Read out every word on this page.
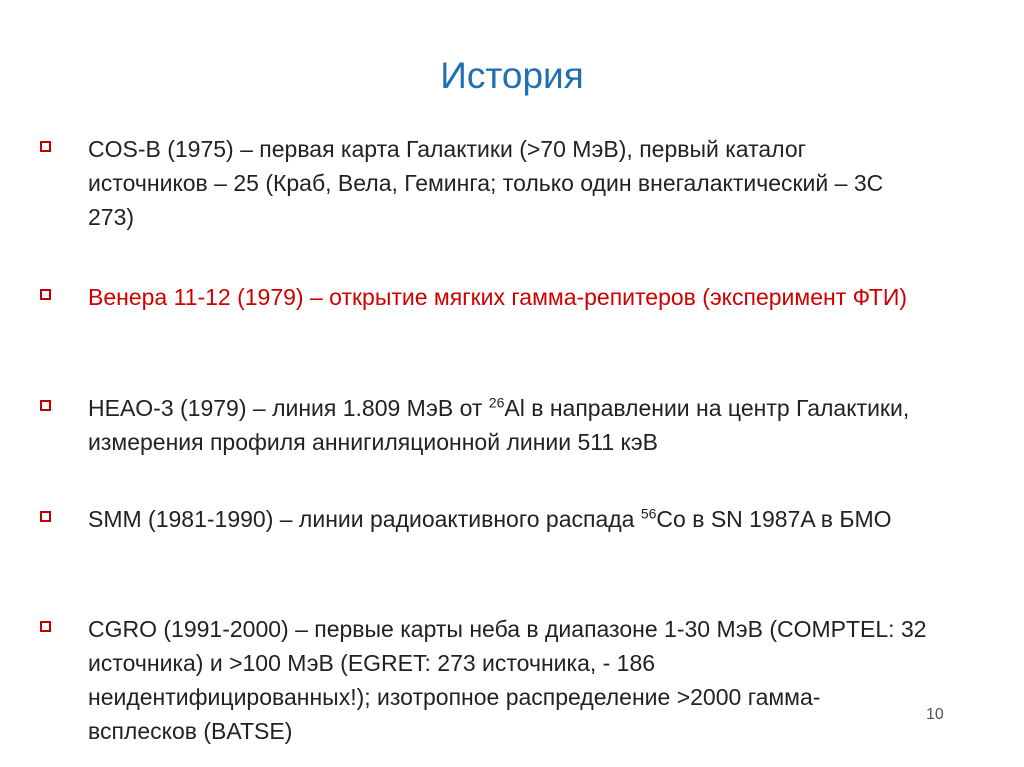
История
COS-B (1975) – первая карта Галактики (>70 МэВ), первый каталог источников – 25 (Краб, Вела, Геминга; только один внегалактический – 3C 273)
Венера 11-12 (1979) – открытие мягких гамма-репитеров (эксперимент ФТИ)
HEAO-3 (1979) – линия 1.809 МэВ от $^{26}$Al в направлении на центр Галактики, измерения профиля аннигиляционной линии 511 кэВ
SMM (1981-1990) – линии радиоактивного распада $^{56}$Co в SN 1987A в БМО
CGRO (1991-2000) – первые карты неба в диапазоне 1-30 МэВ (COMPTEL: 32 источника) и >100 МэВ (EGRET: 273 источника, - 186 неидентифицированных!); изотропное распределение >2000 гамма-всплесков (BATSE)
10
